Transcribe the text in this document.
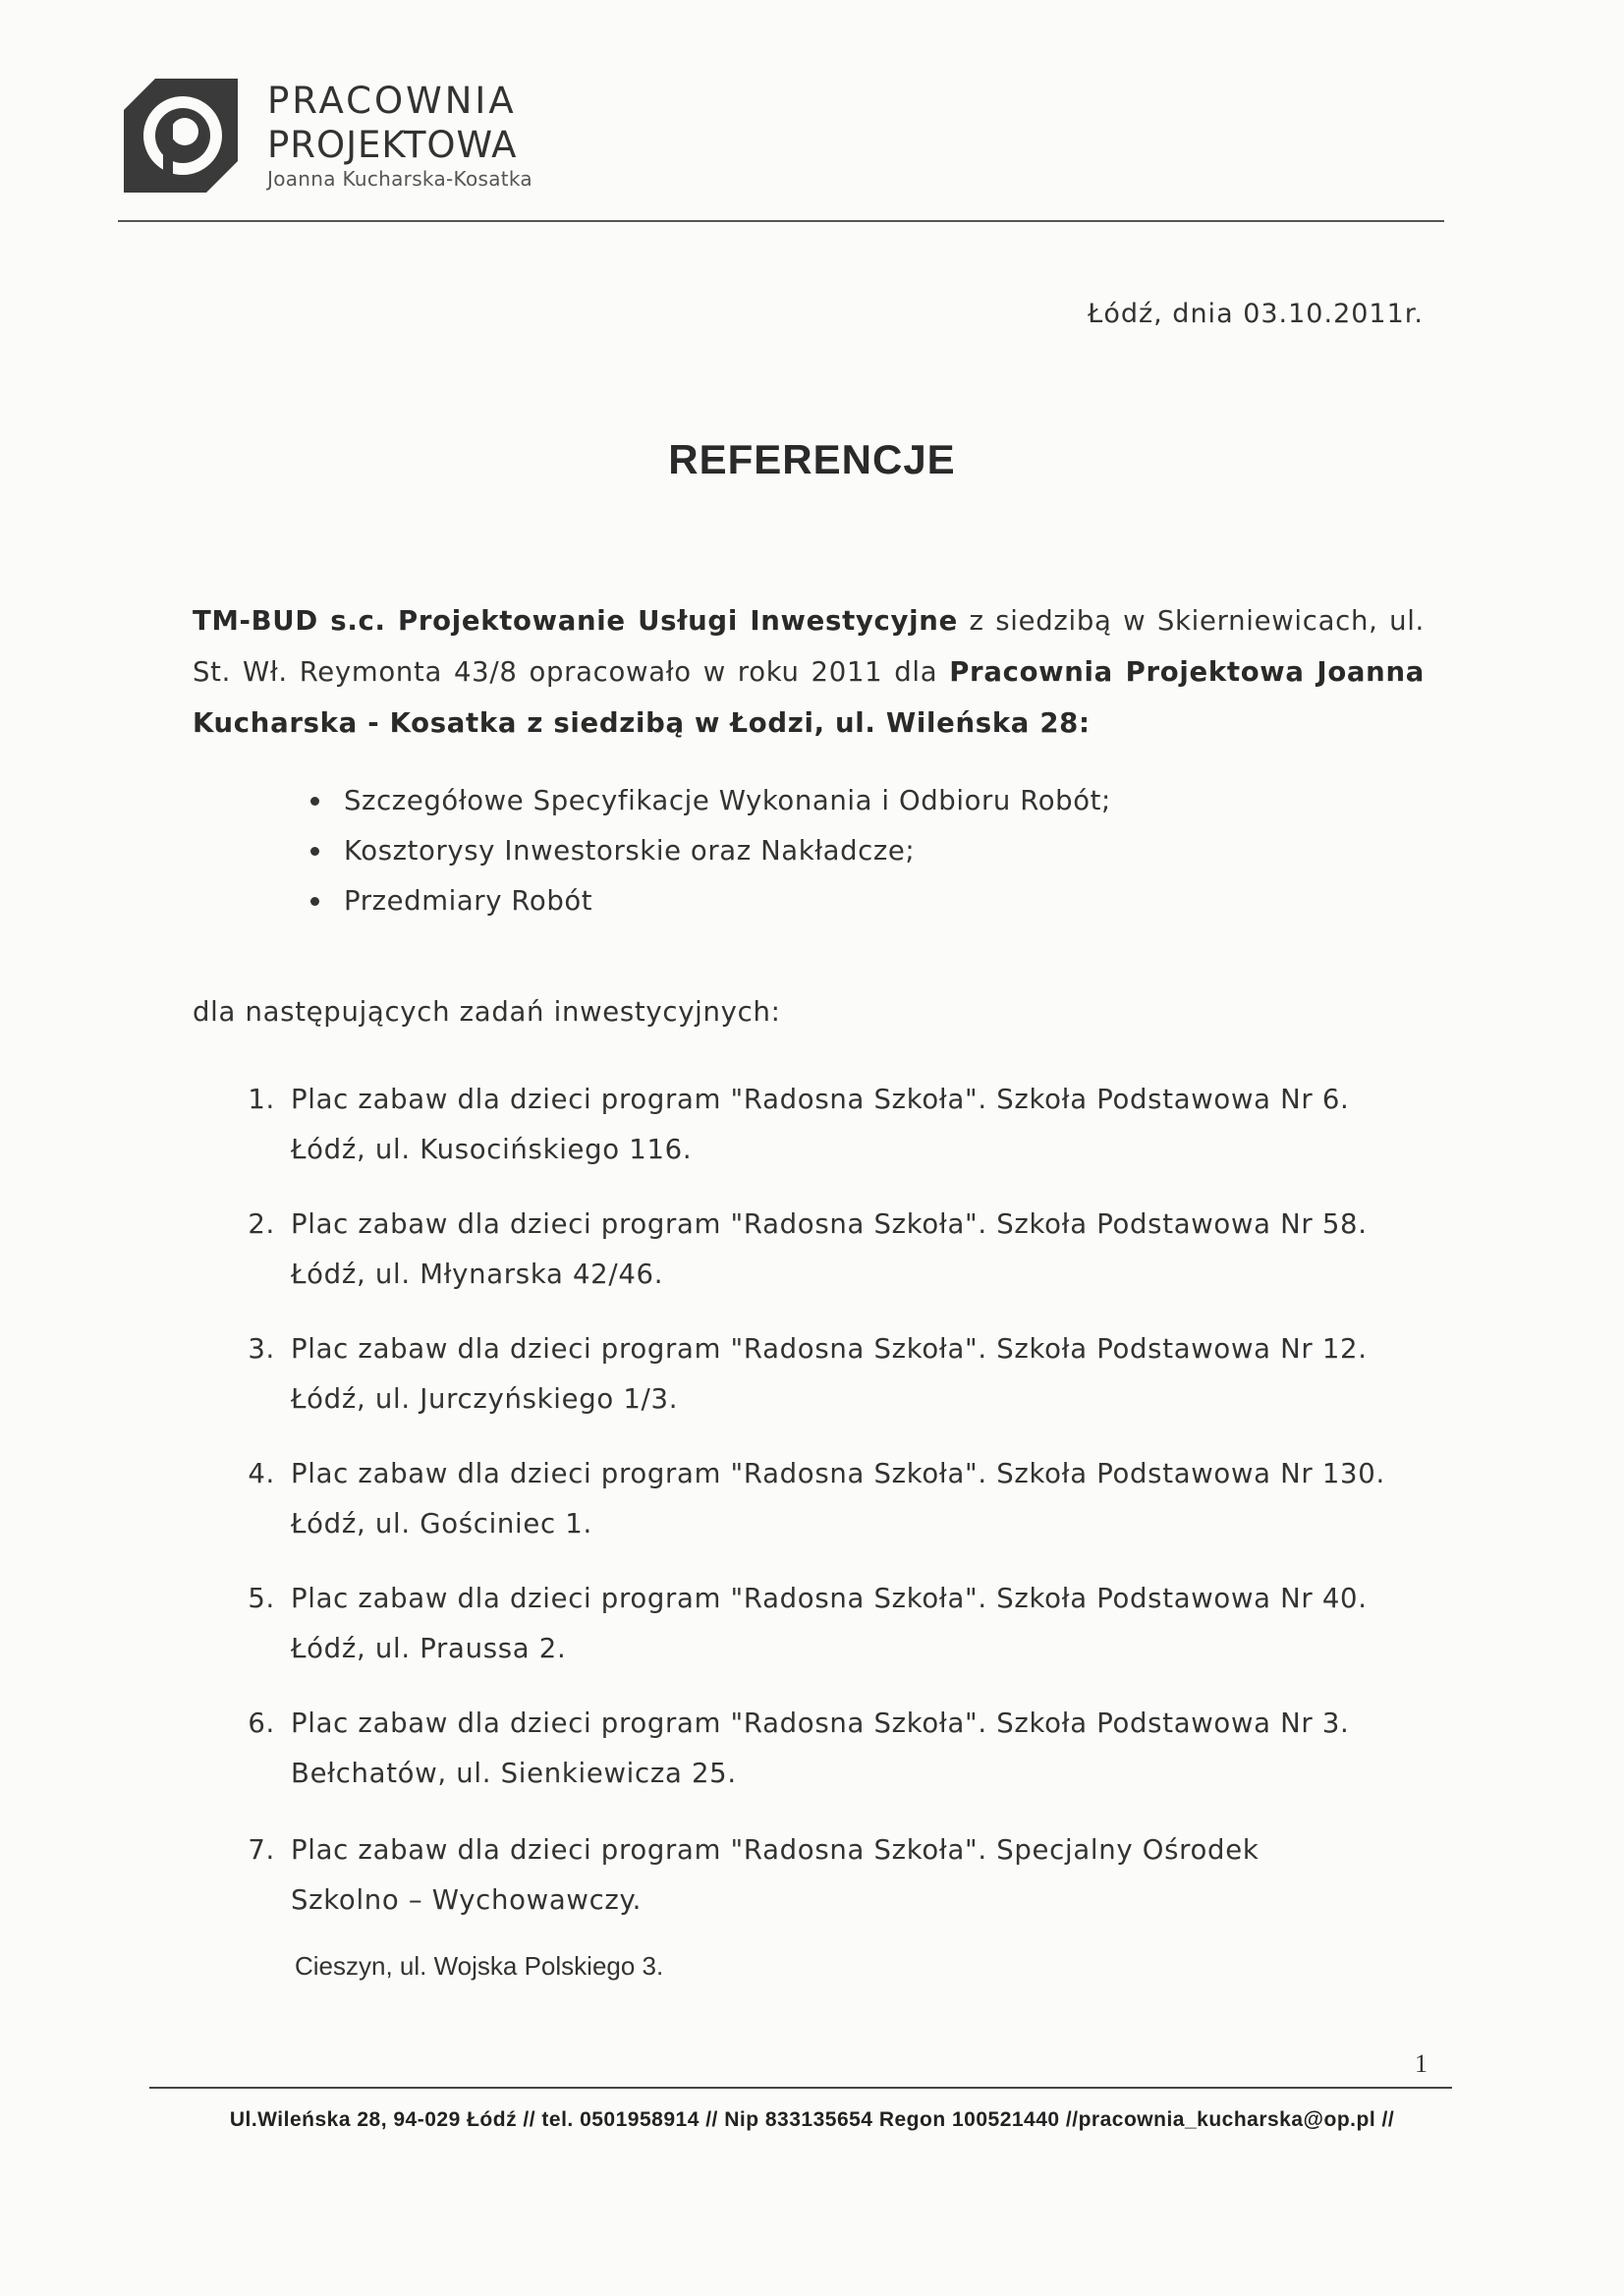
PRACOWNIA
PROJEKTOWA
Joanna Kucharska-Kosatka
Łódź, dnia 03.10.2011r.
REFERENCJE
TM-BUD s.c. Projektowanie Usługi Inwestycyjne z siedzibą w Skierniewicach, ul. St. Wł. Reymonta 43/8 opracowało w roku 2011 dla Pracownia Projektowa Joanna Kucharska - Kosatka z siedzibą w Łodzi, ul. Wileńska 28:
Szczegółowe Specyfikacje Wykonania i Odbioru Robót;
Kosztorysy Inwestorskie oraz Nakładcze;
Przedmiary Robót
dla następujących zadań inwestycyjnych:
1. Plac zabaw dla dzieci program "Radosna Szkoła". Szkoła Podstawowa Nr 6.
Łódź, ul. Kusocińskiego 116.
2. Plac zabaw dla dzieci program "Radosna Szkoła". Szkoła Podstawowa Nr 58.
Łódź, ul. Młynarska 42/46.
3. Plac zabaw dla dzieci program "Radosna Szkoła". Szkoła Podstawowa Nr 12.
Łódź, ul. Jurczyńskiego 1/3.
4. Plac zabaw dla dzieci program "Radosna Szkoła". Szkoła Podstawowa Nr 130.
Łódź, ul. Gościniec 1.
5. Plac zabaw dla dzieci program "Radosna Szkoła". Szkoła Podstawowa Nr 40.
Łódź, ul. Praussa 2.
6. Plac zabaw dla dzieci program "Radosna Szkoła". Szkoła Podstawowa Nr 3.
Bełchatów, ul. Sienkiewicza 25.
7. Plac zabaw dla dzieci program "Radosna Szkoła". Specjalny Ośrodek
Szkolno – Wychowawczy.
Cieszyn, ul. Wojska Polskiego 3.
1
Ul.Wileńska 28, 94-029 Łódź // tel. 0501958914 // Nip 833135654 Regon 100521440 //pracownia_kucharska@op.pl //
